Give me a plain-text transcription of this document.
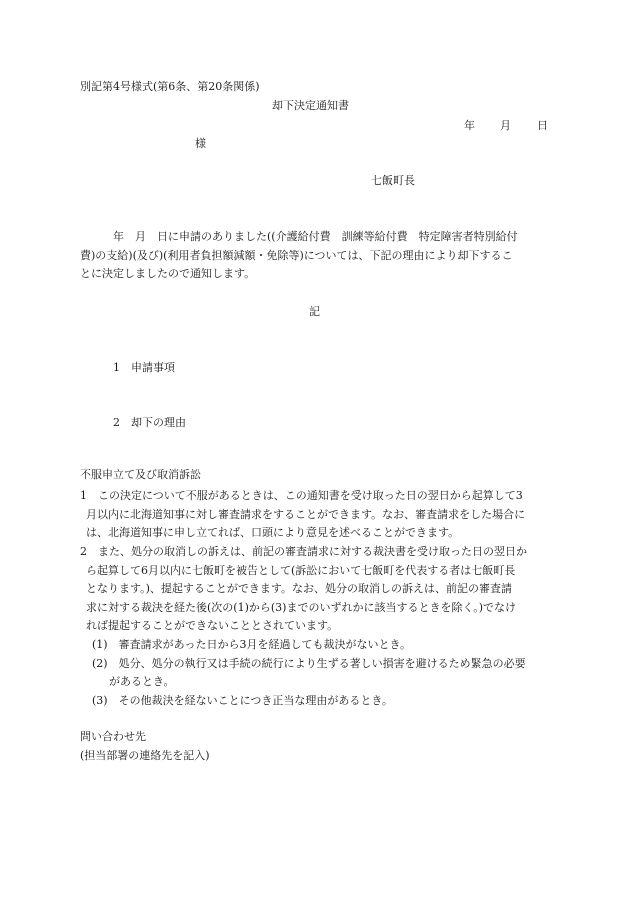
別記第4号様式(第6条、第20条関係)
却下決定通知書
年 月 日
様
七飯町長
　年　月　日に申請のありました((介護給付費　訓練等給付費　特定障害者特別給付
費)の支給)(及び)(利用者負担額減額・免除等)については、下記の理由により却下するこ
とに決定しましたので通知します。
記
1　申請事項
2　却下の理由
不服申立て及び取消訴訟
1　この決定について不服があるときは、この通知書を受け取った日の翌日から起算して3
月以内に北海道知事に対し審査請求をすることができます。なお、審査請求をした場合に
は、北海道知事に申し立てれば、口頭により意見を述べることができます。
2　また、処分の取消しの訴えは、前記の審査請求に対する裁決書を受け取った日の翌日か
ら起算して6月以内に七飯町を被告として(訴訟において七飯町を代表する者は七飯町長
となります。)、提起することができます。なお、処分の取消しの訴えは、前記の審査請
求に対する裁決を経た後(次の(1)から(3)までのいずれかに該当するときを除く。)でなけ
れば提起することができないこととされています。
(1)　審査請求があった日から3月を経過しても裁決がないとき。
(2)　処分、処分の執行又は手続の続行により生ずる著しい損害を避けるため緊急の必要
があるとき。
(3)　その他裁決を経ないことにつき正当な理由があるとき。
問い合わせ先
(担当部署の連絡先を記入)
